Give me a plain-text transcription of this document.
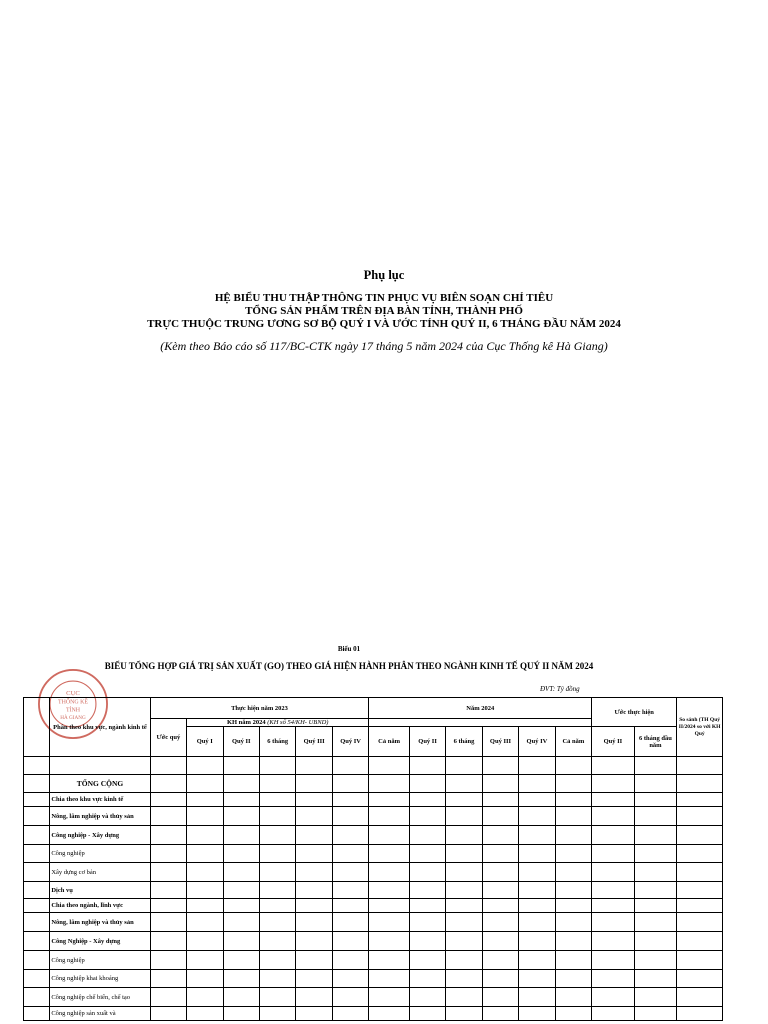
Phụ lục
HỆ BIỂU THU THẬP THÔNG TIN PHỤC VỤ BIÊN SOẠN CHỈ TIÊU
TỔNG SẢN PHẨM TRÊN ĐỊA BÀN TỈNH, THÀNH PHỐ
TRỰC THUỘC TRUNG ƯƠNG SƠ BỘ QUÝ I VÀ ƯỚC TÍNH QUÝ II, 6 THÁNG ĐẦU NĂM 2024
(Kèm theo Báo cáo số 117/BC-CTK ngày 17 tháng 5 năm 2024 của Cục Thống kê Hà Giang)
Biểu 01
BIỂU TỔNG HỢP GIÁ TRỊ SẢN XUẤT (GO) THEO GIÁ HIỆN HÀNH PHÂN THEO NGÀNH KINH TẾ QUÝ II NĂM 2024
ĐVT: Tỷ đồng
CỤC
THỐNG KÊ
TỈNH
HÀ GIANG
	Phân theo khu vực, ngành kinh tế	Thực hiện năm 2023						Năm 2024						Ước thực hiện		So sánh (TH Quý II/2024 so với KH Quý
		Ước quý	KH năm 2024 (KH số 54/KH- UBND)													
			Quý I	Quý II	6 tháng	Quý III	Quý IV	Cả năm	Quý II	6 tháng	Quý III	Quý IV	Cả năm	Quý II	6 tháng đầu năm	

	TỔNG CỘNG															
	Chia theo khu vực kinh tế															
	Nông, lâm nghiệp và thủy sản															
	Công nghiệp - Xây dựng															
	Công nghiệp															
	Xây dựng cơ bản															
	Dịch vụ															
	Chia theo ngành, lĩnh vực															
	Nông, lâm nghiệp và thủy sản															
	Công Nghiệp - Xây dựng															
	Công nghiệp															
	Công nghiệp khai khoáng															
	Công nghiệp chế biến, chế tạo															
	Công nghiệp sản xuất và															
